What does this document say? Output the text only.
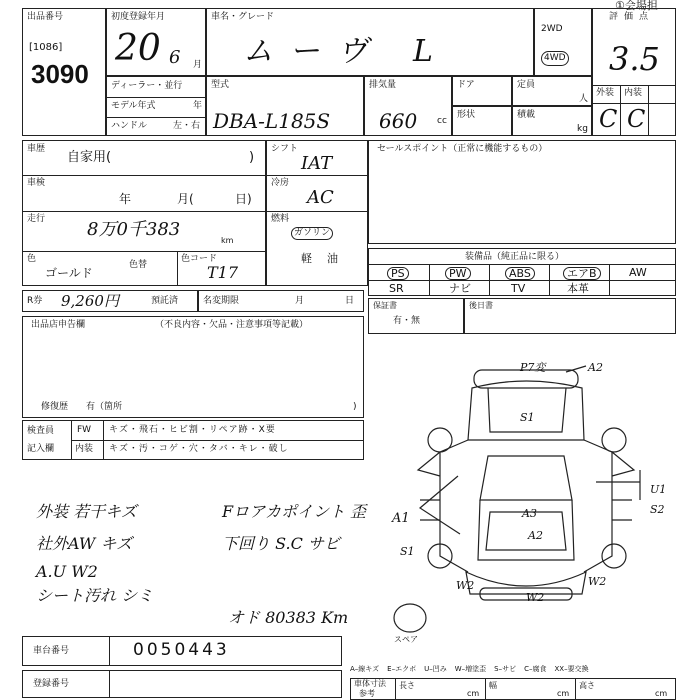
①会場担
出品番号
[1086]
3090
初度登録年月
20 6 月
車名・グレード
ムーヴ L
2WD
4WD
評価点
3.5
外装 内装
C C
ディーラー・並行
モデル年式	年
ハンドル	左・右
型式
DBA-L185S
排気量
660 cc
ドア	定員
人
形状	積載
kg
車歴
自家用(	)
車検
年	月(	日)
走行 8万0千383
km
色
ゴールド
色替
色コード
T17
シフト
IAT
冷房
AC
燃料
ガソリン
軽 油
セールスポイント（正常に機能するもの）
装備品（純正品に限る）
PS	PW	ABS	エアB	AW
SR	ナビ	TV	本革
R券 9,260円	預託済	名変期限	月	日 保証書
有・無
後日書
出品店申告欄	（不良内容・欠品・注意事項等記載）
修復歴　　有（箇所	)
検査員
記入欄
FW キズ・飛石・ヒビ割・リペア跡・X要
内装 キズ・汚・コゲ・穴・タバ・キレ・破し
外装 若干キズ
社外AW キズ
A.U W2
シート汚れ シミ
Fロアカポイント 歪
下回り S.C サビ
オド 80383 Km
P7変	A2
S1
A1	A3
A2
U1
S2
S1
W2
W2
W2
スペア
車台番号	0050443
登録番号
A–線キズ E–エクボ U–凹み W–増塗歪 S–サビ C–腐食 XX–要交換
車体寸法
参考
長さ
cm
幅
cm
高さ
cm
